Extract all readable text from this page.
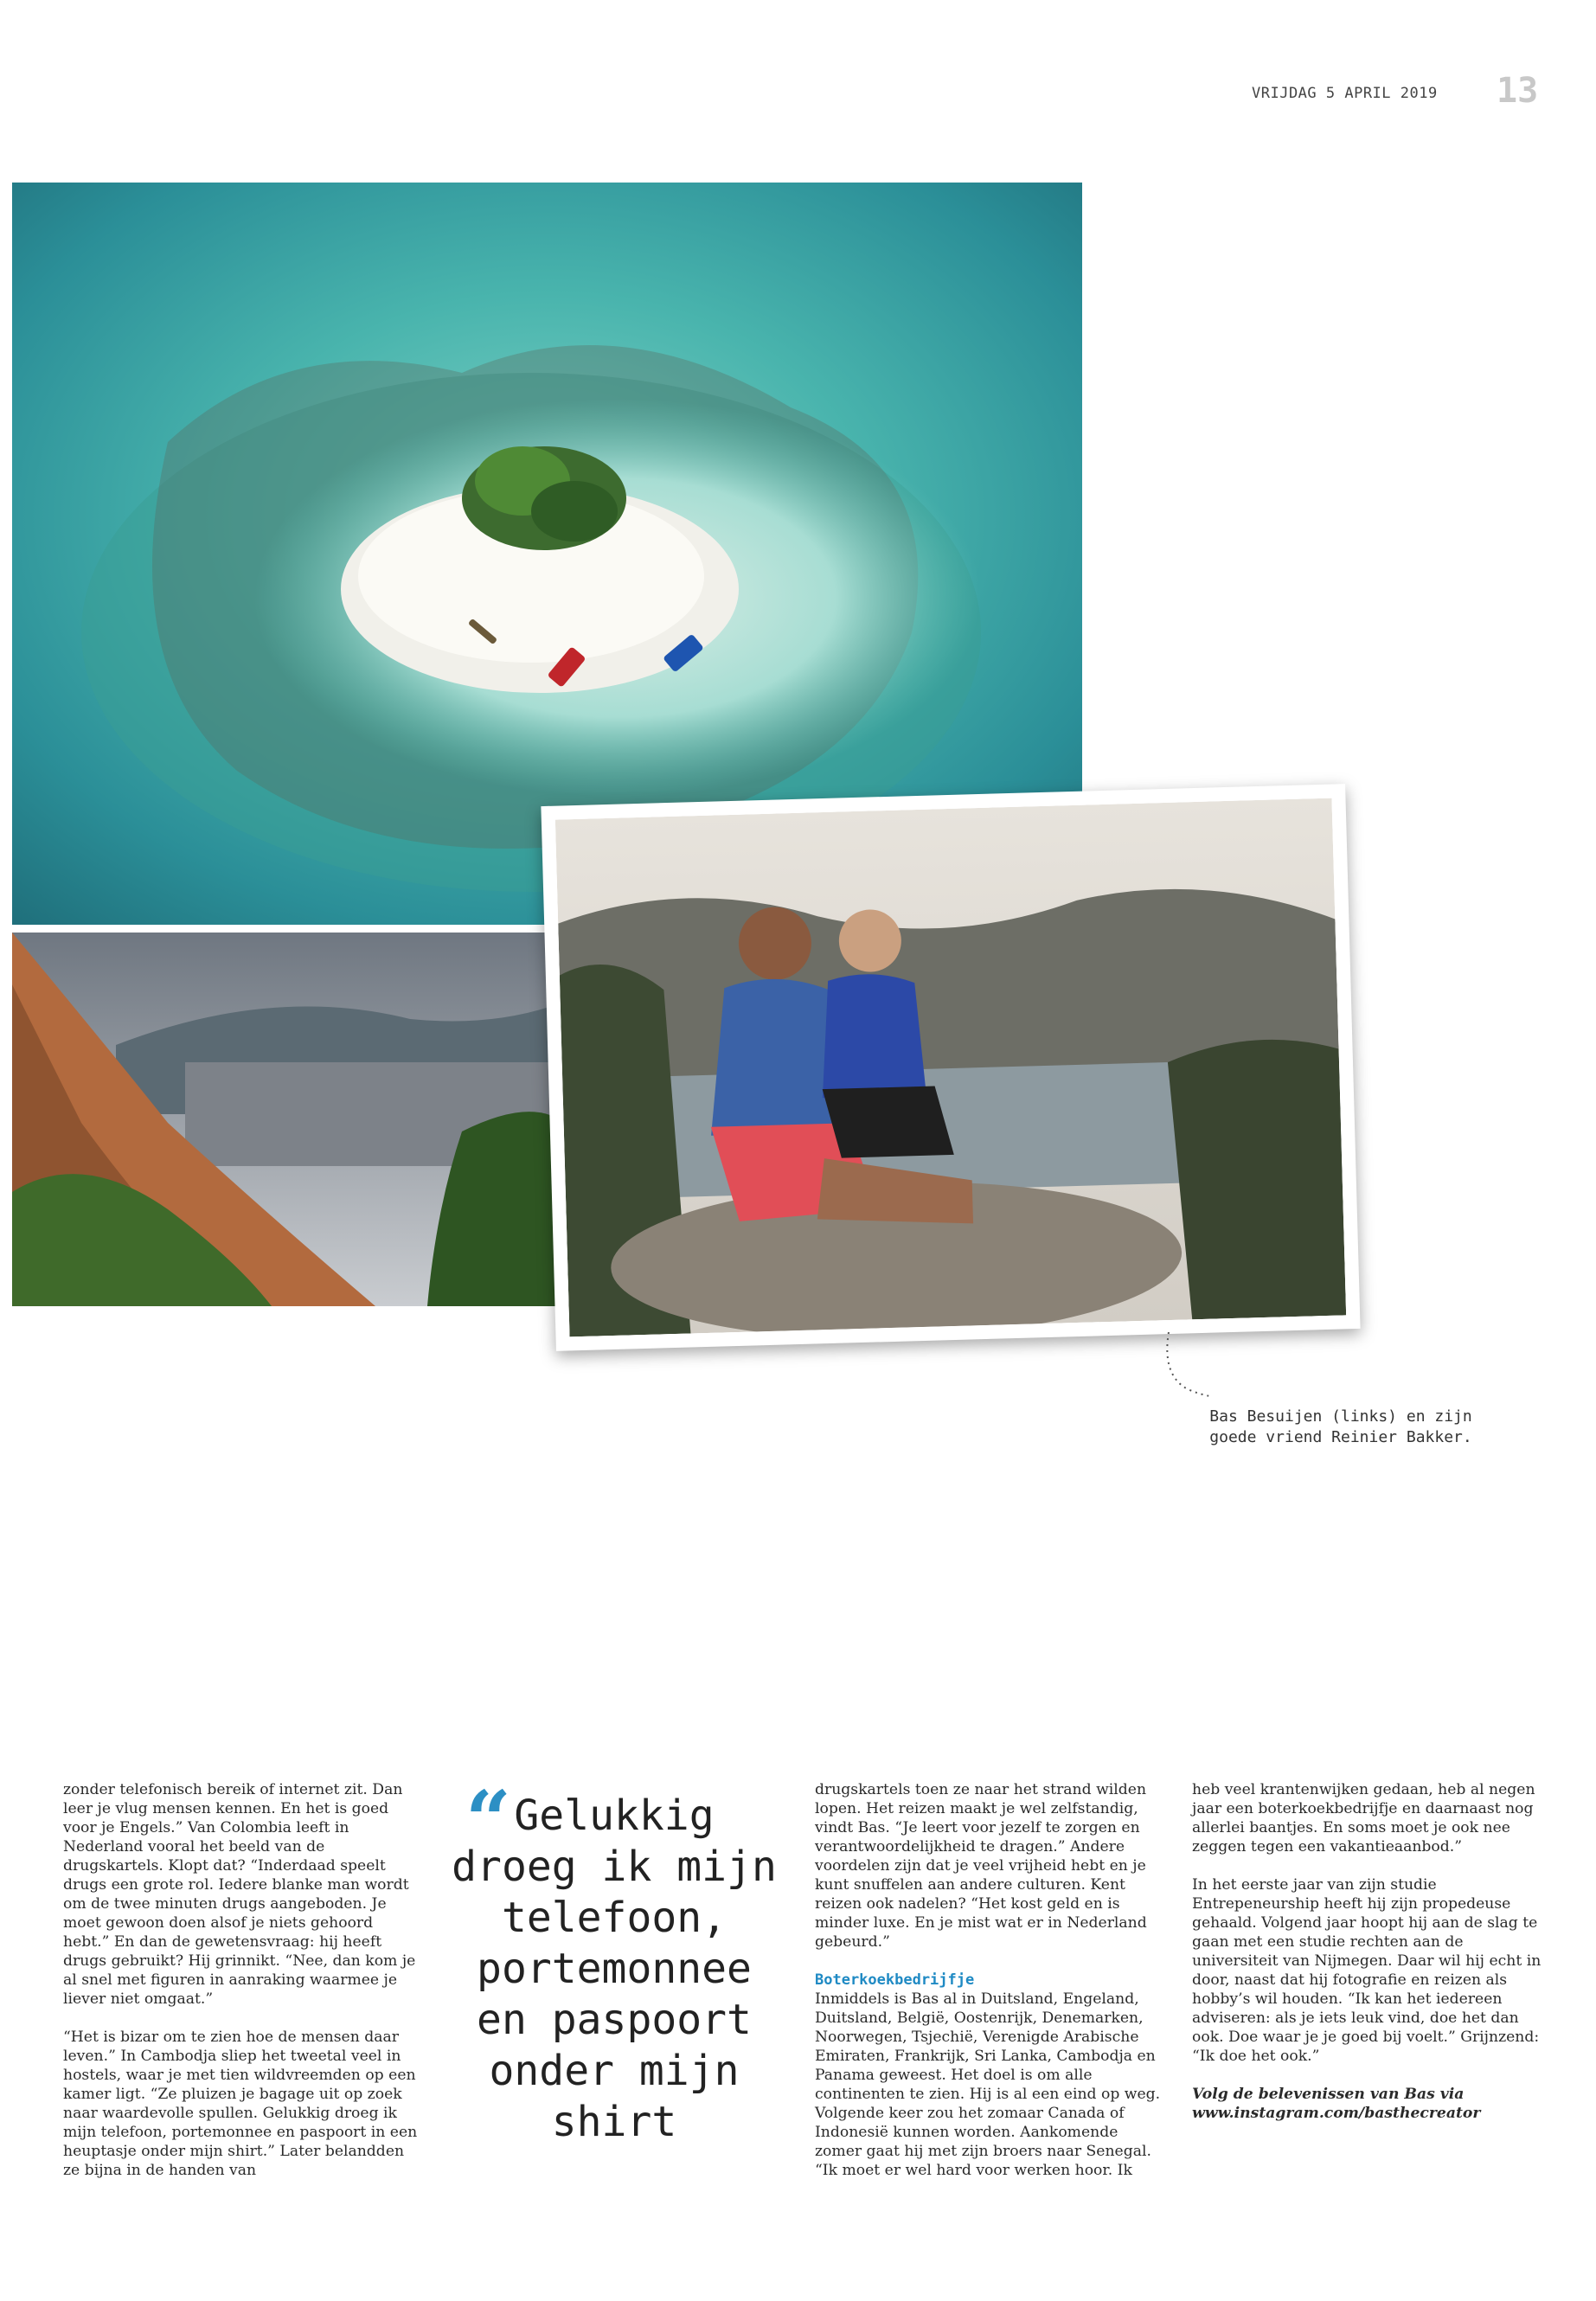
VRIJDAG 5 APRIL 2019 13
Bas Besuijen (links) en zijn goede vriend Reinier Bakker.

zonder telefonisch bereik of internet zit. Dan leer je vlug mensen kennen. En het is goed voor je Engels.” Van Colombia leeft in Nederland vooral het beeld van de drugskartels. Klopt dat? “Inderdaad speelt drugs een grote rol. Iedere blanke man wordt om de twee minuten drugs aangeboden. Je moet gewoon doen alsof je niets gehoord hebt.” En dan de gewetensvraag: hij heeft drugs gebruikt? Hij grinnikt. “Nee, dan kom je al snel met figuren in aanraking waarmee je liever niet omgaat.”

“Het is bizar om te zien hoe de mensen daar leven.” In Cambodja sliep het tweetal veel in hostels, waar je met tien wildvreemden op een kamer ligt. “Ze pluizen je bagage uit op zoek naar waardevolle spullen. Gelukkig droeg ik mijn telefoon, portemonnee en paspoort in een heuptasje onder mijn shirt.” Later belandden ze bijna in de handen van

“ Gelukkig droeg ik mijn telefoon, portemonnee en paspoort onder mijn shirt

drugskartels toen ze naar het strand wilden lopen. Het reizen maakt je wel zelfstandig, vindt Bas. “Je leert voor jezelf te zorgen en verantwoordelijkheid te dragen.” Andere voordelen zijn dat je veel vrijheid hebt en je kunt snuffelen aan andere culturen. Kent reizen ook nadelen? “Het kost geld en is minder luxe. En je mist wat er in Nederland gebeurd.”

Boterkoekbedrijfje
Inmiddels is Bas al in Duitsland, Engeland, Duitsland, België, Oostenrijk, Denemarken, Noorwegen, Tsjechië, Verenigde Arabische Emiraten, Frankrijk, Sri Lanka, Cambodja en Panama geweest. Het doel is om alle continenten te zien. Hij is al een eind op weg. Volgende keer zou het zomaar Canada of Indonesië kunnen worden. Aankomende zomer gaat hij met zijn broers naar Senegal. “Ik moet er wel hard voor werken hoor. Ik

heb veel krantenwijken gedaan, heb al negen jaar een boterkoekbedrijfje en daarnaast nog allerlei baantjes. En soms moet je ook nee zeggen tegen een vakantieaanbod.”

In het eerste jaar van zijn studie Entrepeneurship heeft hij zijn propedeuse gehaald. Volgend jaar hoopt hij aan de slag te gaan met een studie rechten aan de universiteit van Nijmegen. Daar wil hij echt in door, naast dat hij fotografie en reizen als hobby’s wil houden. “Ik kan het iedereen adviseren: als je iets leuk vind, doe het dan ook. Doe waar je je goed bij voelt.” Grijnzend: “Ik doe het ook.”

Volg de belevenissen van Bas via www.instagram.com/basthecreator
